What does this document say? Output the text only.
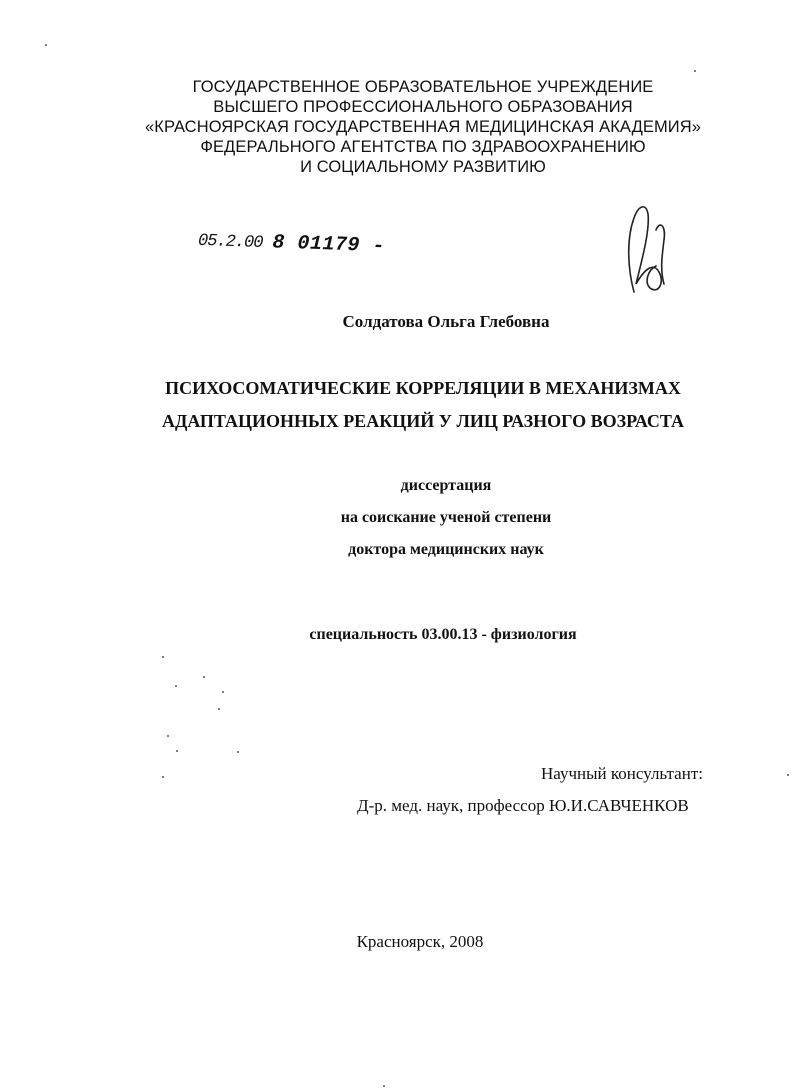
ГОСУДАРСТВЕННОЕ ОБРАЗОВАТЕЛЬНОЕ УЧРЕЖДЕНИЕ
ВЫСШЕГО ПРОФЕССИОНАЛЬНОГО ОБРАЗОВАНИЯ
«КРАСНОЯРСКАЯ ГОСУДАРСТВЕННАЯ МЕДИЦИНСКАЯ АКАДЕМИЯ»
ФЕДЕРАЛЬНОГО АГЕНТСТВА ПО ЗДРАВООХРАНЕНИЮ
И СОЦИАЛЬНОМУ РАЗВИТИЮ
05.2.00 8 01179 -
Солдатова Ольга Глебовна
ПСИХОСОМАТИЧЕСКИЕ КОРРЕЛЯЦИИ В МЕХАНИЗМАХ
АДАПТАЦИОННЫХ РЕАКЦИЙ У ЛИЦ РАЗНОГО ВОЗРАСТА
диссертация
на соискание ученой степени
доктора медицинских наук
специальность 03.00.13 - физиология
Научный консультант:
Д-р. мед. наук, профессор Ю.И.САВЧЕНКОВ
Красноярск, 2008
